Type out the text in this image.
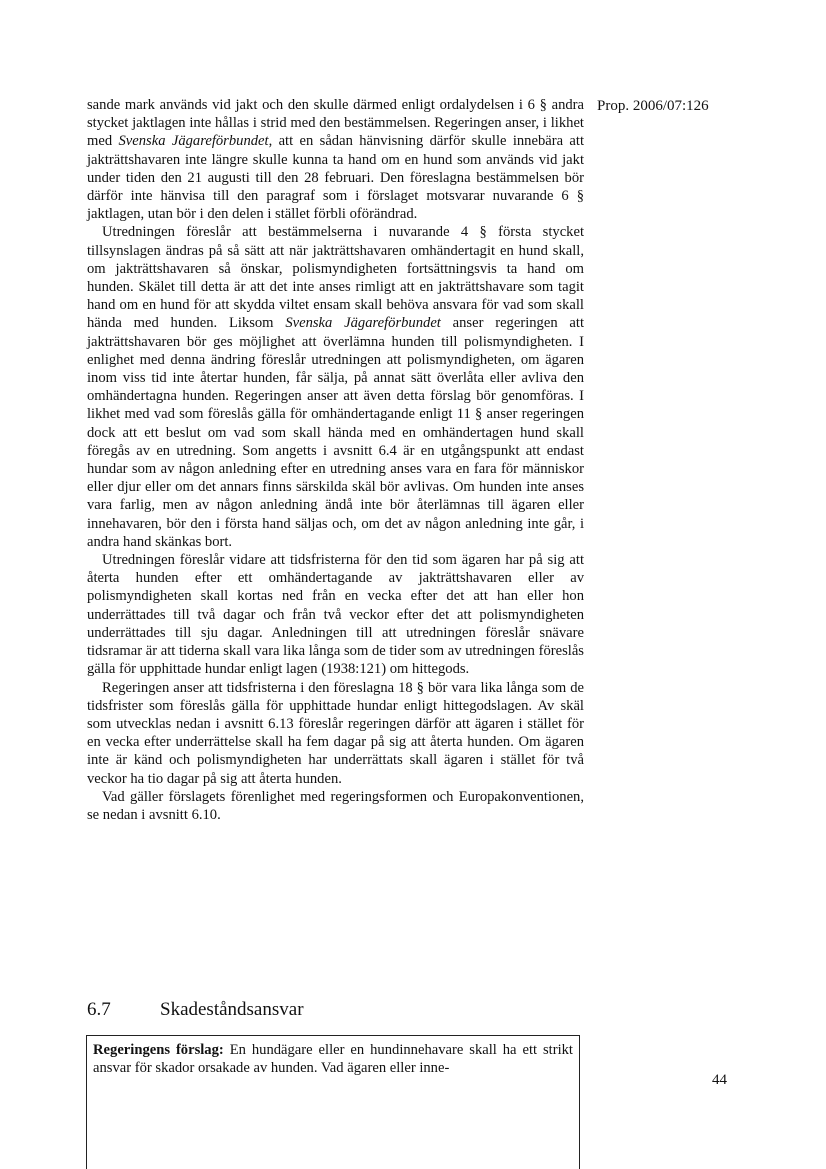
Prop. 2006/07:126

sande mark används vid jakt och den skulle därmed enligt ordalydelsen i 6 § andra stycket jaktlagen inte hållas i strid med den bestämmelsen. Regeringen anser, i likhet med Svenska Jägareförbundet, att en sådan hänvisning därför skulle innebära att jakträttshavaren inte längre skulle kunna ta hand om en hund som används vid jakt under tiden den 21 augusti till den 28 februari. Den föreslagna bestämmelsen bör därför inte hänvisa till den paragraf som i förslaget motsvarar nuvarande 6 § jaktlagen, utan bör i den delen i stället förbli oförändrad.

Utredningen föreslår att bestämmelserna i nuvarande 4 § första stycket tillsynslagen ändras på så sätt att när jakträttshavaren omhändertagit en hund skall, om jakträttshavaren så önskar, polismyndigheten fortsättningsvis ta hand om hunden. Skälet till detta är att det inte anses rimligt att en jakträttshavare som tagit hand om en hund för att skydda viltet ensam skall behöva ansvara för vad som skall hända med hunden. Liksom Svenska Jägareförbundet anser regeringen att jakträttshavaren bör ges möjlighet att överlämna hunden till polismyndigheten. I enlighet med denna ändring föreslår utredningen att polismyndigheten, om ägaren inom viss tid inte återtar hunden, får sälja, på annat sätt överlåta eller avliva den omhändertagna hunden. Regeringen anser att även detta förslag bör genomföras. I likhet med vad som föreslås gälla för omhändertagande enligt 11 § anser regeringen dock att ett beslut om vad som skall hända med en omhändertagen hund skall föregås av en utredning. Som angetts i avsnitt 6.4 är en utgångspunkt att endast hundar som av någon anledning efter en utredning anses vara en fara för människor eller djur eller om det annars finns särskilda skäl bör avlivas. Om hunden inte anses vara farlig, men av någon anledning ändå inte bör återlämnas till ägaren eller innehavaren, bör den i första hand säljas och, om det av någon anledning inte går, i andra hand skänkas bort.

Utredningen föreslår vidare att tidsfristerna för den tid som ägaren har på sig att återta hunden efter ett omhändertagande av jakträttshavaren eller av polismyndigheten skall kortas ned från en vecka efter det att han eller hon underrättades till två dagar och från två veckor efter det att polismyndigheten underrättades till sju dagar. Anledningen till att utredningen föreslår snävare tidsramar är att tiderna skall vara lika långa som de tider som av utredningen föreslås gälla för upphittade hundar enligt lagen (1938:121) om hittegods.

Regeringen anser att tidsfristerna i den föreslagna 18 § bör vara lika långa som de tidsfrister som föreslås gälla för upphittade hundar enligt hittegodslagen. Av skäl som utvecklas nedan i avsnitt 6.13 föreslår regeringen därför att ägaren i stället för en vecka efter underrättelse skall ha fem dagar på sig att återta hunden. Om ägaren inte är känd och polismyndigheten har underrättats skall ägaren i stället för två veckor ha tio dagar på sig att återta hunden.

Vad gäller förslagets förenlighet med regeringsformen och Europakonventionen, se nedan i avsnitt 6.10.

6.7	Skadeståndsansvar
Regeringens förslag: En hundägare eller en hundinnehavare skall ha ett strikt ansvar för skador orsakade av hunden. Vad ägaren eller inne-
44
